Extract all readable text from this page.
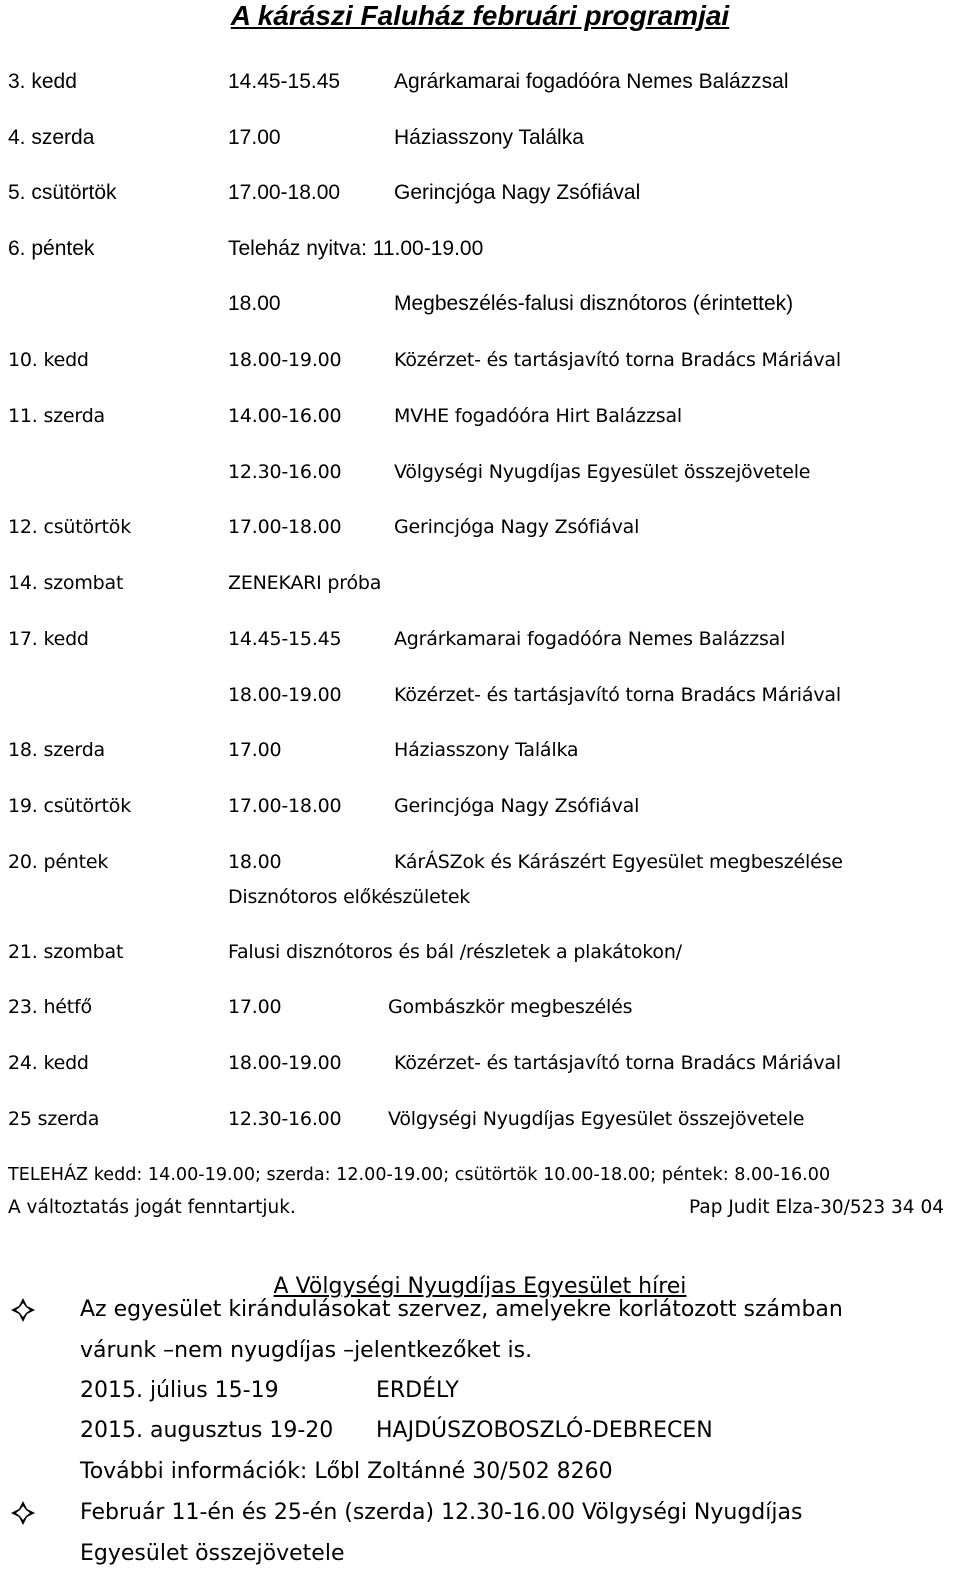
A kárászi Faluház februári programjai
3. kedd	14.45-15.45	Agrárkamarai fogadóóra Nemes Balázzsal
4. szerda	17.00	Háziasszony Találka
5. csütörtök	17.00-18.00	Gerincjóga Nagy Zsófiával
6. péntek	Teleház nyitva: 11.00-19.00
18.00	Megbeszélés-falusi disznótoros (érintettek)
10. kedd	18.00-19.00	Közérzet- és tartásjavító torna Bradács Máriával
11. szerda	14.00-16.00	MVHE fogadóóra Hirt Balázzsal
12.30-16.00	Völgységi Nyugdíjas Egyesület összejövetele
12. csütörtök	17.00-18.00	Gerincjóga Nagy Zsófiával
14. szombat	ZENEKARI próba
17. kedd	14.45-15.45	Agrárkamarai fogadóóra Nemes Balázzsal
18.00-19.00	Közérzet- és tartásjavító torna Bradács Máriával
18. szerda	17.00	Háziasszony Találka
19. csütörtök	17.00-18.00	Gerincjóga Nagy Zsófiával
20. péntek	18.00	KárÁSZok és Kárászért Egyesület megbeszélése
Disznótoros előkészületek
21. szombat	Falusi disznótoros és bál /részletek a plakátokon/
23. hétfő	17.00	Gombászkör megbeszélés
24. kedd	18.00-19.00	Közérzet- és tartásjavító torna Bradács Máriával
25 szerda	12.30-16.00 Völgységi Nyugdíjas Egyesület összejövetele
TELEHÁZ kedd: 14.00-19.00; szerda: 12.00-19.00; csütörtök 10.00-18.00; péntek: 8.00-16.00
A változtatás jogát fenntartjuk.	Pap Judit Elza-30/523 34 04
A Völgységi Nyugdíjas Egyesület hírei
Az egyesület kirándulásokat szervez, amelyekre korlátozott számban
várunk –nem nyugdíjas –jelentkezőket is.
2015. július 15-19	ERDÉLY
2015. augusztus 19-20 HAJDÚSZOBOSZLÓ-DEBRECEN
További információk: Lőbl Zoltánné 30/502 8260
Február 11-én és 25-én (szerda) 12.30-16.00 Völgységi Nyugdíjas
Egyesület összejövetele
